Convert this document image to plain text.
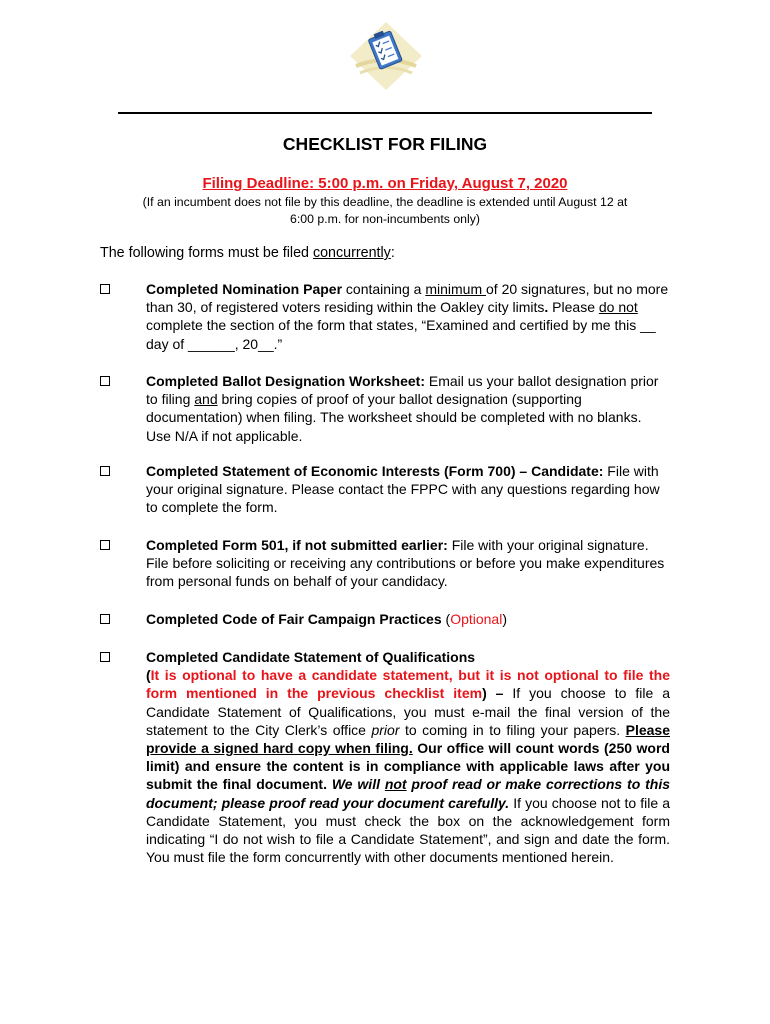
CHECKLIST FOR FILING
Filing Deadline: 5:00 p.m. on Friday, August 7, 2020
(If an incumbent does not file by this deadline, the deadline is extended until August 12 at 6:00 p.m. for non-incumbents only)
The following forms must be filed concurrently:
Completed Nomination Paper containing a minimum of 20 signatures, but no more than 30, of registered voters residing within the Oakley city limits. Please do not complete the section of the form that states, “Examined and certified by me this __ day of ______, 20__.”
Completed Ballot Designation Worksheet: Email us your ballot designation prior to filing and bring copies of proof of your ballot designation (supporting documentation) when filing. The worksheet should be completed with no blanks. Use N/A if not applicable.
Completed Statement of Economic Interests (Form 700) – Candidate: File with your original signature. Please contact the FPPC with any questions regarding how to complete the form.
Completed Form 501, if not submitted earlier: File with your original signature. File before soliciting or receiving any contributions or before you make expenditures from personal funds on behalf of your candidacy.
Completed Code of Fair Campaign Practices (Optional)
Completed Candidate Statement of Qualifications
(It is optional to have a candidate statement, but it is not optional to file the form mentioned in the previous checklist item) – If you choose to file a Candidate Statement of Qualifications, you must e-mail the final version of the statement to the City Clerk’s office prior to coming in to filing your papers. Please provide a signed hard copy when filing. Our office will count words (250 word limit) and ensure the content is in compliance with applicable laws after you submit the final document. We will not proof read or make corrections to this document; please proof read your document carefully. If you choose not to file a Candidate Statement, you must check the box on the acknowledgement form indicating “I do not wish to file a Candidate Statement”, and sign and date the form. You must file the form concurrently with other documents mentioned herein.
